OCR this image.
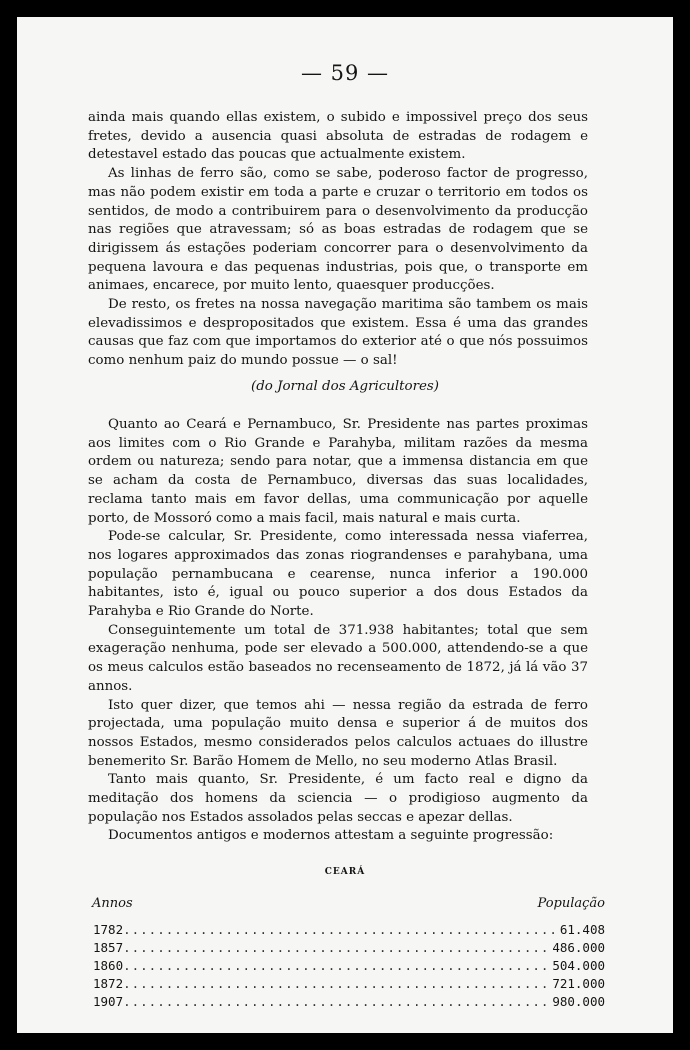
— 59 —

ainda mais quando ellas existem, o subido e impossivel preço dos seus fretes, devido a ausencia quasi absoluta de estradas de rodagem e detestavel estado das poucas que actualmente existem.

As linhas de ferro são, como se sabe, poderoso factor de progresso, mas não podem existir em toda a parte e cruzar o territorio em todos os sentidos, de modo a contribuirem para o desenvolvimento da producção nas regiões que atravessam; só as boas estradas de rodagem que se dirigissem ás estações poderiam concorrer para o desenvolvimento da pequena lavoura e das pequenas industrias, pois que, o transporte em animaes, encarece, por muito lento, quaesquer producções.

De resto, os fretes na nossa navegação maritima são tambem os mais elevadissimos e despropositados que existem. Essa é uma das grandes causas que faz com que importamos do exterior até o que nós possuimos como nenhum paiz do mundo possue — o sal!

(do Jornal dos Agricultores)

Quanto ao Ceará e Pernambuco, Sr. Presidente nas partes proximas aos limites com o Rio Grande e Parahyba, militam razões da mesma ordem ou natureza; sendo para notar, que a immensa distancia em que se acham da costa de Pernambuco, diversas das suas localidades, reclama tanto mais em favor dellas, uma communicação por aquelle porto, de Mossoró como a mais facil, mais natural e mais curta.

Pode-se calcular, Sr. Presidente, como interessada nessa viaferrea, nos logares approximados das zonas riograndenses e parahybana, uma população pernambucana e cearense, nunca inferior a 190.000 habitantes, isto é, igual ou pouco superior a dos dous Estados da Parahyba e Rio Grande do Norte.

Conseguintemente um total de 371.938 habitantes; total que sem exageração nenhuma, pode ser elevado a 500.000, attendendo-se a que os meus calculos estão baseados no recenseamento de 1872, já lá vão 37 annos.

Isto quer dizer, que temos ahi — nessa região da estrada de ferro projectada, uma população muito densa e superior á de muitos dos nossos Estados, mesmo considerados pelos calculos actuaes do illustre benemerito Sr. Barão Homem de Mello, no seu moderno Atlas Brasil.

Tanto mais quanto, Sr. Presidente, é um facto real e digno da meditação dos homens da sciencia — o prodigioso augmento da população nos Estados assolados pelas seccas e apezar dellas.

Documentos antigos e modernos attestam a seguinte progressão:

CEARÁ
Annos	População
1782 .....	61.408
1857 .....	486.000
1860 .....	504.000
1872 .....	721.000
1907 .....	980.000
